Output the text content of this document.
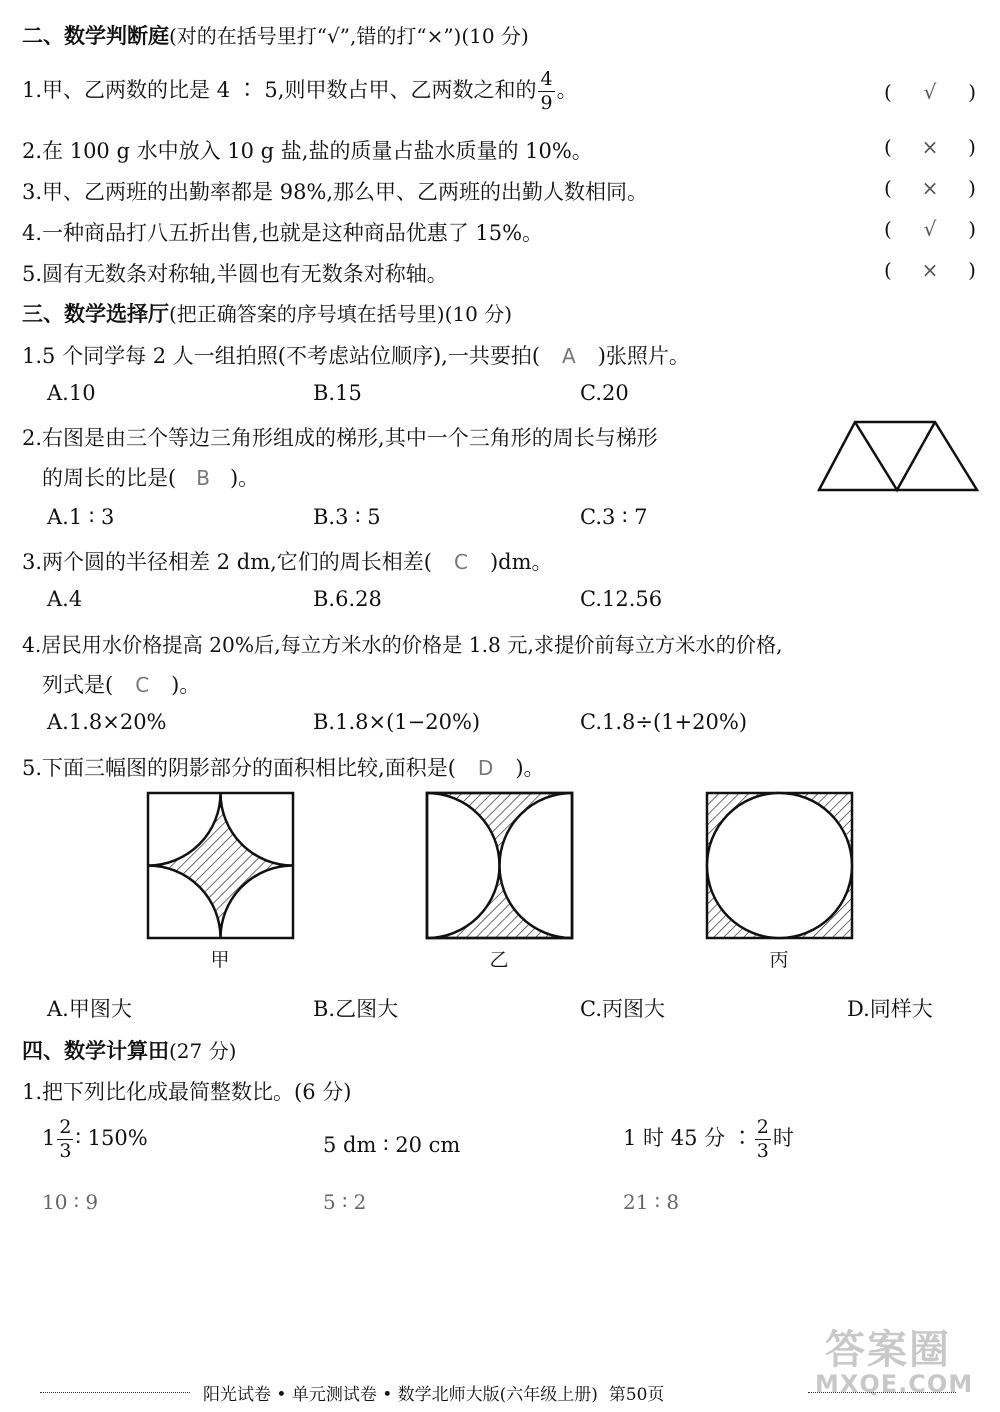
二、数学判断庭(对的在括号里打“√”,错的打“×”)(10 分)
1.甲、乙两数的比是 4 ∶ 5,则甲数占甲、乙两数之和的 $\frac{4}{9}$ 。	( √ )
2.在 100 g 水中放入 10 g 盐,盐的质量占盐水质量的 10%。	( × )
3.甲、乙两班的出勤率都是 98%,那么甲、乙两班的出勤人数相同。	( × )
4.一种商品打八五折出售,也就是这种商品优惠了 15%。	( √ )
5.圆有无数条对称轴,半圆也有无数条对称轴。	( × )
三、数学选择厅(把正确答案的序号填在括号里)(10 分)
1.5 个同学每 2 人一组拍照(不考虑站位顺序),一共要拍( A )张照片。
A.10	B.15	C.20
2.右图是由三个等边三角形组成的梯形,其中一个三角形的周长与梯形
的周长的比是( B )。
A.1 ∶ 3	B.3 ∶ 5	C.3 ∶ 7
3.两个圆的半径相差 2 dm,它们的周长相差( C )dm。
A.4	B.6.28	C.12.56
4.居民用水价格提高 20%后,每立方米水的价格是 1.8 元,求提价前每立方米水的价格,
列式是( C )。
A.1.8×20%	B.1.8×(1−20%)	C.1.8÷(1+20%)
5.下面三幅图的阴影部分的面积相比较,面积是( D )。
甲	乙	丙
A.甲图大	B.乙图大	C.丙图大	D.同样大
四、数学计算田(27 分)
1.把下列比化成最简整数比。(6 分)
$1 \frac{2}{3}$ ∶ 150%	5 dm ∶ 20 cm	1 时 45 分 ∶ $\frac{2}{3}$ 时
10 ∶ 9	5 ∶ 2	21 ∶ 8
答案圈
MXQE.COM
阳光试卷 • 单元测试卷 • 数学北师大版(六年级上册) 第50页
